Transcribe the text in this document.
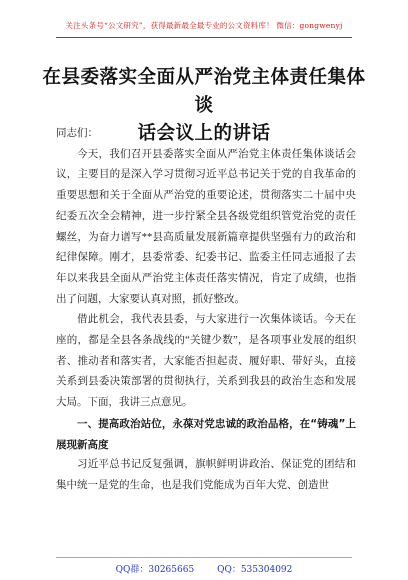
关注头条号“公文研究”，获得最新最全最专业的公文资料库！ 微信：gongwenyj
在县委落实全面从严治党主体责任集体谈
话会议上的讲话

同志们：

今天，我们召开县委落实全面从严治党主体责任集体谈话会议，主要目的是深入学习贯彻习近平总书记关于党的自我革命的重要思想和关于全面从严治党的重要论述，贯彻落实二十届中央纪委五次全会精神，进一步拧紧全县各级党组织管党治党的责任螺丝，为奋力谱写**县高质量发展新篇章提供坚强有力的政治和纪律保障。刚才，县委常委、纪委书记、监委主任同志通报了去年以来我县全面从严治党主体责任落实情况，肯定了成绩，也指出了问题，大家要认真对照，抓好整改。

借此机会，我代表县委，与大家进行一次集体谈话。今天在座的，都是全县各条战线的“关键少数”，是各项事业发展的组织者、推动者和落实者，大家能否担起责、履好职、带好头，直接关系到县委决策部署的贯彻执行，关系到我县的政治生态和发展大局。下面，我讲三点意见。

一、提高政治站位，永葆对党忠诚的政治品格，在“铸魂”上展现新高度

习近平总书记反复强调，旗帜鲜明讲政治、保证党的团结和集中统一是党的生命，也是我们党能成为百年大党、创造世

QQ群：30265665	QQ：535304092
